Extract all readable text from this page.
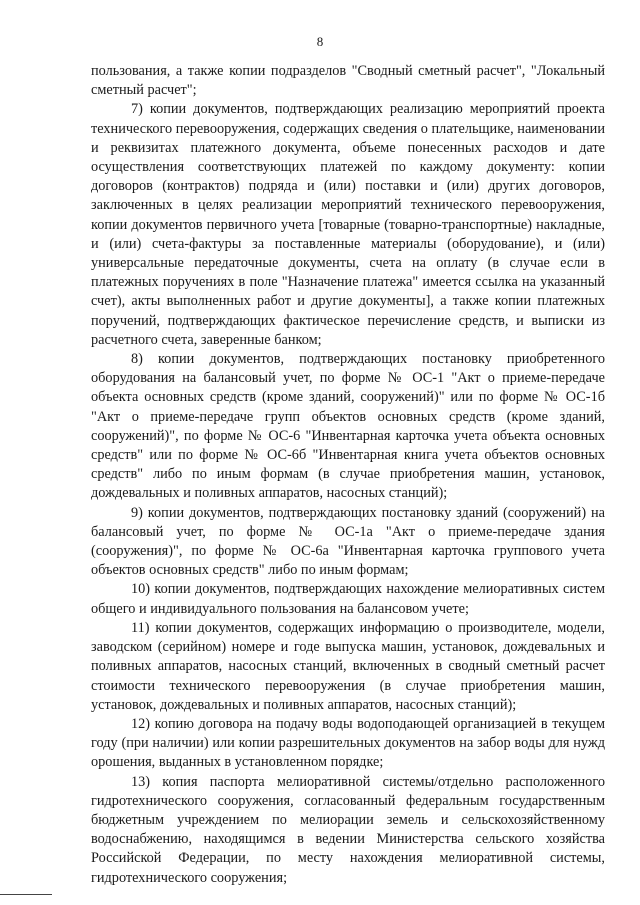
8

пользования, а также копии подразделов "Сводный сметный расчет", "Локальный сметный расчет";

7) копии документов, подтверждающих реализацию мероприятий проекта технического перевооружения, содержащих сведения о плательщике, наименовании и реквизитах платежного документа, объеме понесенных расходов и дате осуществления соответствующих платежей по каждому документу: копии договоров (контрактов) подряда и (или) поставки и (или) других договоров, заключенных в целях реализации мероприятий технического перевооружения, копии документов первичного учета [товарные (товарно-транспортные) накладные, и (или) счета-фактуры за поставленные материалы (оборудование), и (или) универсальные передаточные документы, счета на оплату (в случае если в платежных поручениях в поле "Назначение платежа" имеется ссылка на указанный счет), акты выполненных работ и другие документы], а также копии платежных поручений, подтверждающих фактическое перечисление средств, и выписки из расчетного счета, заверенные банком;

8) копии документов, подтверждающих постановку приобретенного оборудования на балансовый учет, по форме № ОС-1 "Акт о приеме-передаче объекта основных средств (кроме зданий, сооружений)" или по форме № ОС-1б "Акт о приеме-передаче групп объектов основных средств (кроме зданий, сооружений)", по форме № ОС-6 "Инвентарная карточка учета объекта основных средств" или по форме № ОС-6б "Инвентарная книга учета объектов основных средств" либо по иным формам (в случае приобретения машин, установок, дождевальных и поливных аппаратов, насосных станций);

9) копии документов, подтверждающих постановку зданий (сооружений) на балансовый учет, по форме № ОС-1а "Акт о приеме-передаче здания (сооружения)", по форме № ОС-6а "Инвентарная карточка группового учета объектов основных средств" либо по иным формам;

10) копии документов, подтверждающих нахождение мелиоративных систем общего и индивидуального пользования на балансовом учете;

11) копии документов, содержащих информацию о производителе, модели, заводском (серийном) номере и годе выпуска машин, установок, дождевальных и поливных аппаратов, насосных станций, включенных в сводный сметный расчет стоимости технического перевооружения (в случае приобретения машин, установок, дождевальных и поливных аппаратов, насосных станций);

12) копию договора на подачу воды водоподающей организацией в текущем году (при наличии) или копии разрешительных документов на забор воды для нужд орошения, выданных в установленном порядке;

13) копия паспорта мелиоративной системы/отдельно расположенного гидротехнического сооружения, согласованный федеральным государственным бюджетным учреждением по мелиорации земель и сельскохозяйственному водоснабжению, находящимся в ведении Министерства сельского хозяйства Российской Федерации, по месту нахождения мелиоративной системы, гидротехнического сооружения;
